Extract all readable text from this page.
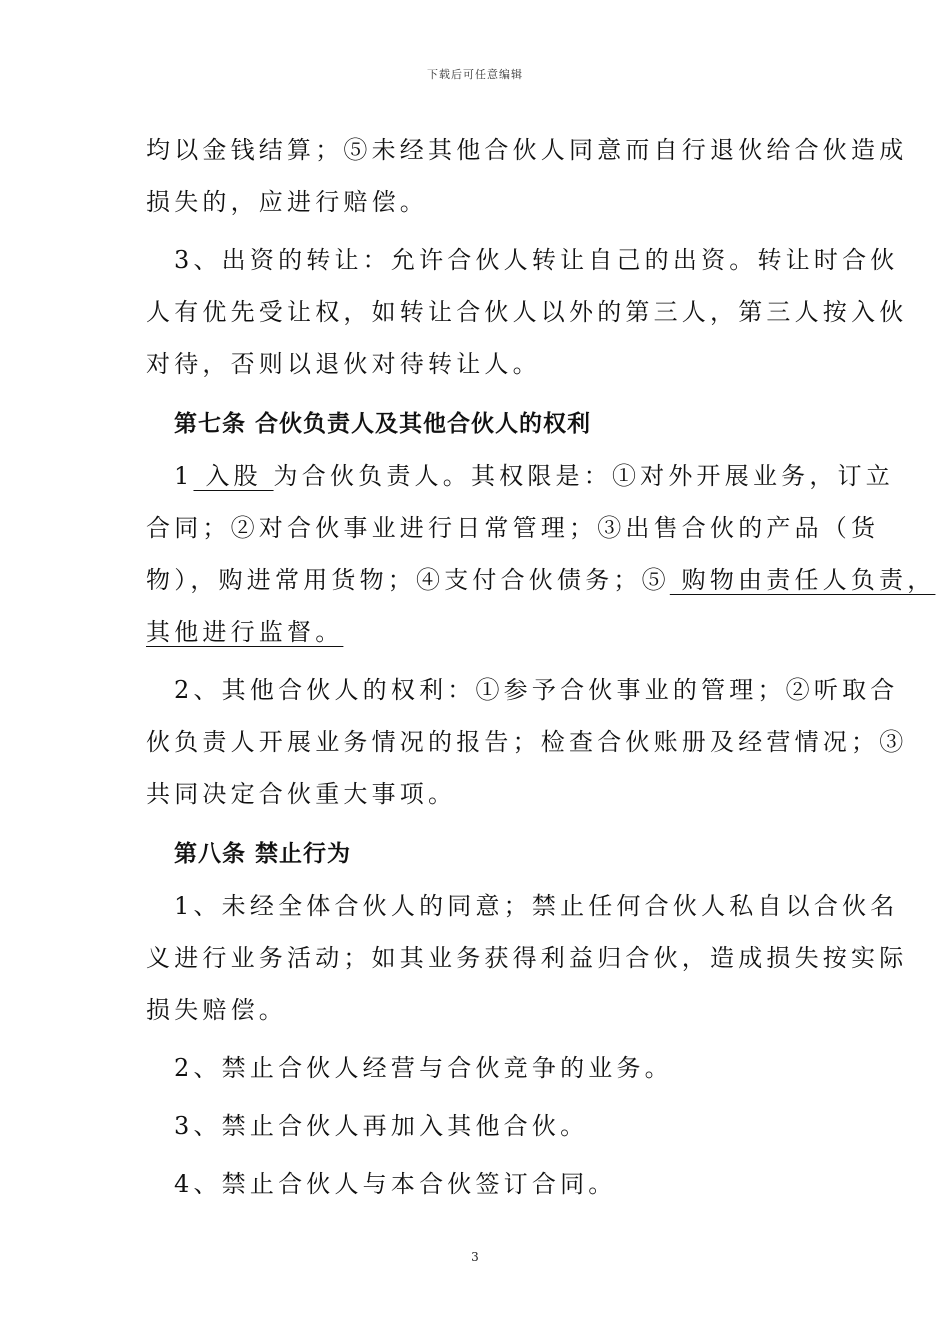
下载后可任意编辑

均以金钱结算；⑤未经其他合伙人同意而自行退伙给合伙造成

损失的，应进行赔偿。

3、出资的转让：允许合伙人转让自己的出资。转让时合伙

人有优先受让权，如转让合伙人以外的第三人，第三人按入伙

对待，否则以退伙对待转让人。

第七条 合伙负责人及其他合伙人的权利

1 入股 为合伙负责人。其权限是：①对外开展业务，订立

合同；②对合伙事业进行日常管理；③出售合伙的产品（货

物），购进常用货物；④支付合伙债务；⑤ 购物由责任人负责，

其他进行监督。

2、其他合伙人的权利：①参予合伙事业的管理；②听取合

伙负责人开展业务情况的报告；检查合伙账册及经营情况；③

共同决定合伙重大事项。

第八条 禁止行为

1、未经全体合伙人的同意；禁止任何合伙人私自以合伙名

义进行业务活动；如其业务获得利益归合伙，造成损失按实际

损失赔偿。

2、禁止合伙人经营与合伙竞争的业务。

3、禁止合伙人再加入其他合伙。

4、禁止合伙人与本合伙签订合同。

3
